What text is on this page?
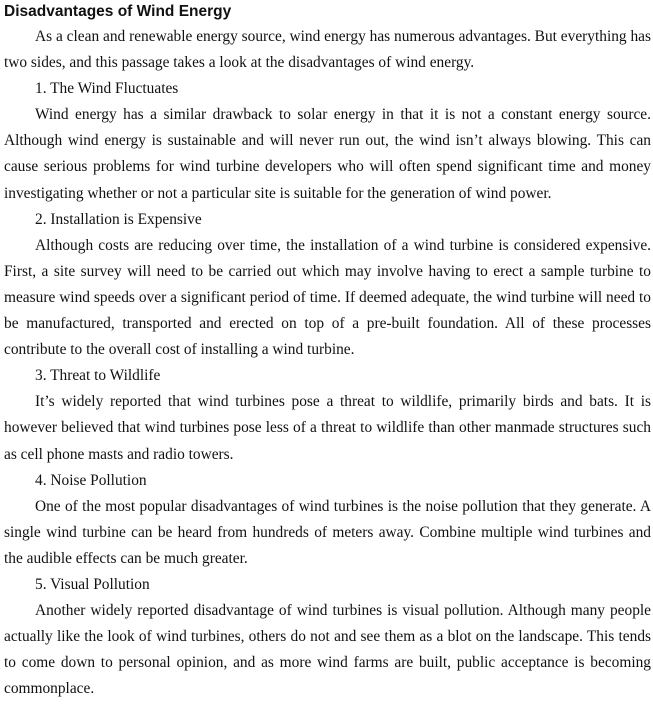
Disadvantages of Wind Energy

As a clean and renewable energy source, wind energy has numerous advantages. But everything has two sides, and this passage takes a look at the disadvantages of wind energy.

1. The Wind Fluctuates

Wind energy has a similar drawback to solar energy in that it is not a constant energy source. Although wind energy is sustainable and will never run out, the wind isn’t always blowing. This can cause serious problems for wind turbine developers who will often spend significant time and money investigating whether or not a particular site is suitable for the generation of wind power.

2. Installation is Expensive

Although costs are reducing over time, the installation of a wind turbine is considered expensive. First, a site survey will need to be carried out which may involve having to erect a sample turbine to measure wind speeds over a significant period of time. If deemed adequate, the wind turbine will need to be manufactured, transported and erected on top of a pre-built foundation. All of these processes contribute to the overall cost of installing a wind turbine.

3. Threat to Wildlife

It’s widely reported that wind turbines pose a threat to wildlife, primarily birds and bats. It is however believed that wind turbines pose less of a threat to wildlife than other manmade structures such as cell phone masts and radio towers.

4. Noise Pollution

One of the most popular disadvantages of wind turbines is the noise pollution that they generate. A single wind turbine can be heard from hundreds of meters away. Combine multiple wind turbines and the audible effects can be much greater.

5. Visual Pollution

Another widely reported disadvantage of wind turbines is visual pollution. Although many people actually like the look of wind turbines, others do not and see them as a blot on the landscape. This tends to come down to personal opinion, and as more wind farms are built, public acceptance is becoming commonplace.
